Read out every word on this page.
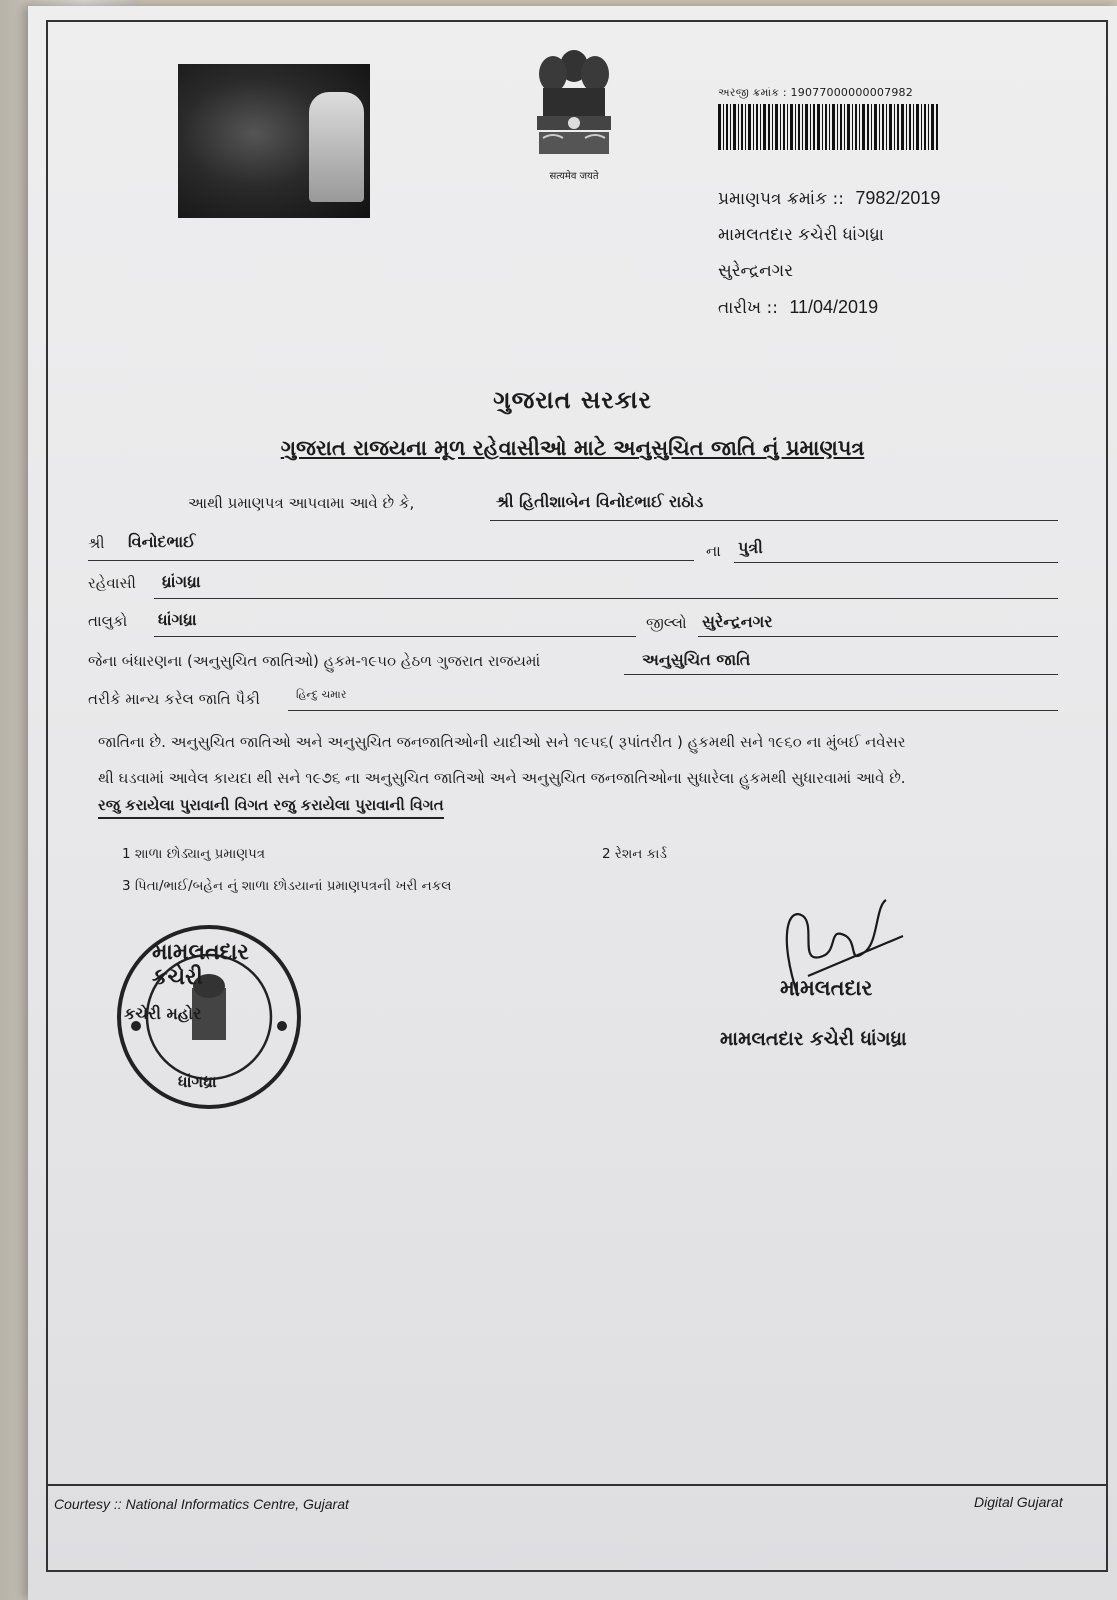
सत्यमेव जयते
અરજી ક્રમાંક : 19077000000007982
પ્રમાણપત્ર ક્રમાંક :: 7982/2019
મામલતદાર કચેરી ધાંગધ્રા
સુરેન્દ્રનગર
તારીખ :: 11/04/2019
ગુજરાત સરકાર
ગુજરાત રાજયના મૂળ રહેવાસીઓ માટે અનુસુચિત જાતિ નું પ્રમાણપત્ર
આથી પ્રમાણપત્ર આપવામા આવે છે કે,	શ્રી હિતીશાબેન વિનોદભાઈ રાઠોડ
શ્રી વિનોદભાઈ	ના પુત્રી
રહેવાસી ધ્રાંગધ્રા
તાલુકો ધાંગધ્રા	જીલ્લો સુરેન્દ્રનગર
જેના બંધારણના (અનુસુચિત જાતિઓ) હુકમ-૧૯૫૦ હેઠળ ગુજરાત રાજયમાં	અનુસુચિત જાતિ
તરીકે માન્ય કરેલ જાતિ પૈકી	હિન્દુ ચમાર
જાતિના છે. અનુસુચિત જાતિઓ અને અનુસુચિત જનજાતિઓની યાદીઓ સને ૧૯૫૬( રૂપાંતરીત ) હુકમથી સને ૧૯૬૦ ના મુંબઈ નવેસર
થી ઘડવામાં આવેલ કાયદા થી સને ૧૯૭૬ ના અનુસુચિત જાતિઓ અને અનુસુચિત જનજાતિઓના સુધારેલા હુકમથી સુધારવામાં આવે છે.
રજુ કરાયેલા પુરાવાની વિગત રજુ કરાયેલા પુરાવાની વિગત
1 શાળા છોડ્યાનુ પ્રમાણપત્ર	2 રેશન કાર્ડ
3 પિતા/ભાઈ/બહેન નું શાળા છોડયાનાં પ્રમાણપત્રની ખરી નકલ
મામલતદાર કચેરી
કચેરી મહોર
ધાંગધ્રા
મામલતદાર
મામલતદાર કચેરી ધાંગધ્રા
Courtesy :: National Informatics Centre, Gujarat	Digital Gujarat
